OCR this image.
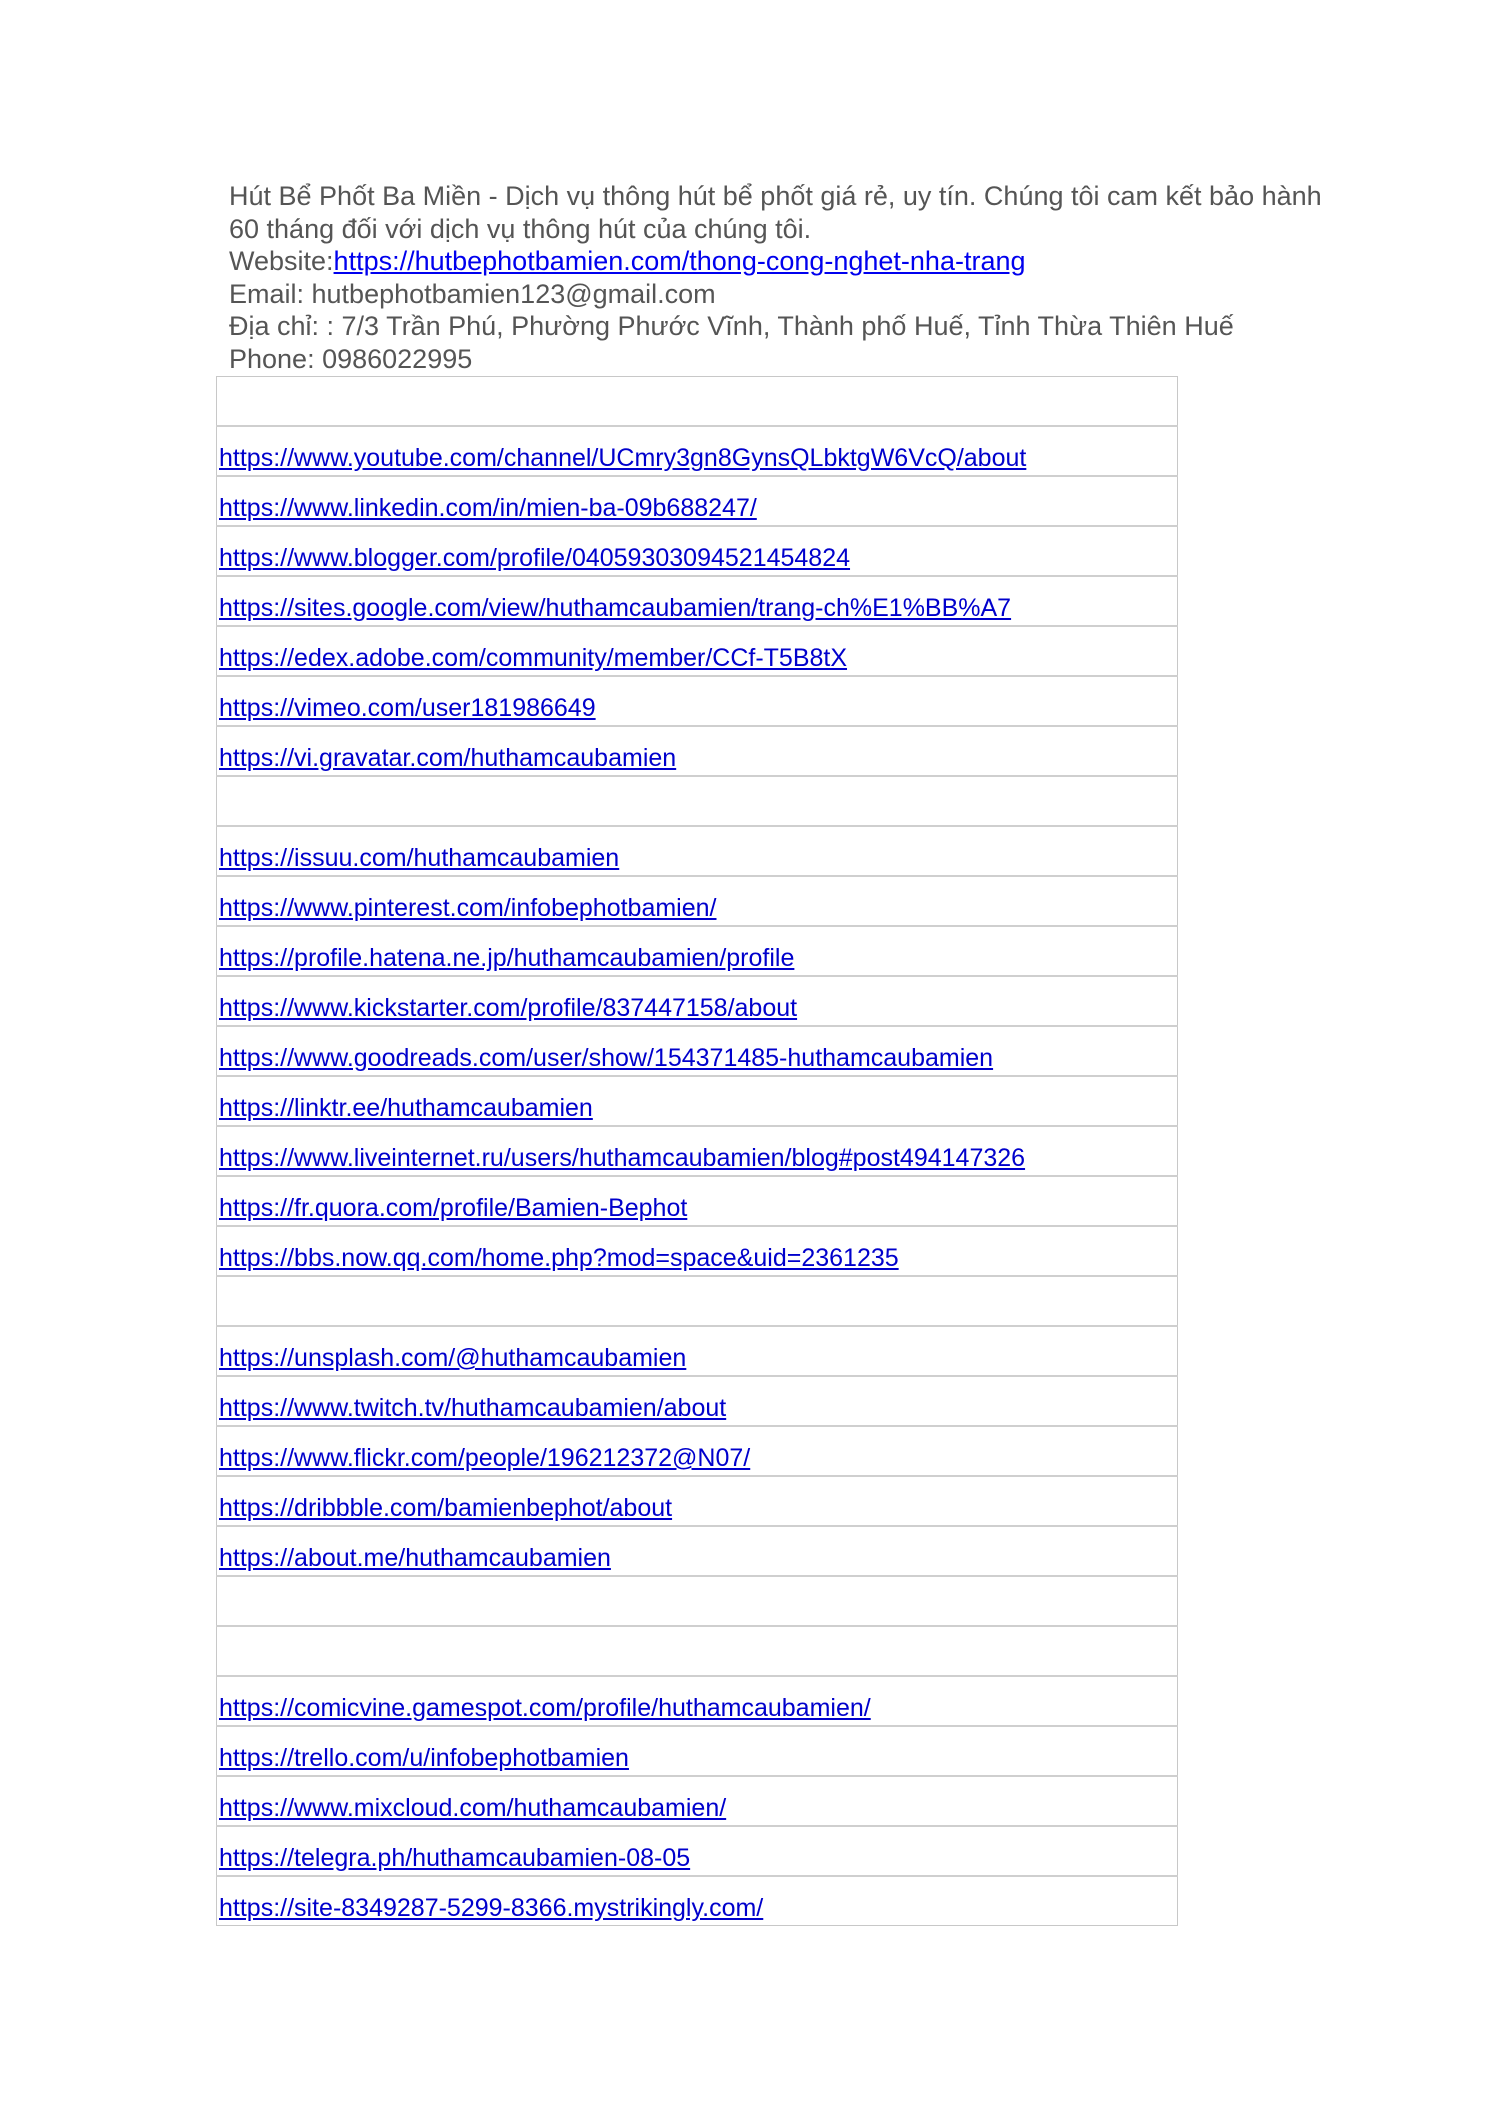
Hút Bể Phốt Ba Miền - Dịch vụ thông hút bể phốt giá rẻ, uy tín. Chúng tôi cam kết bảo hành 60 tháng đối với dịch vụ thông hút của chúng tôi.
Website:https://hutbephotbamien.com/thong-cong-nghet-nha-trang
Email: hutbephotbamien123@gmail.com
Địa chỉ: : 7/3 Trần Phú, Phường Phước Vĩnh, Thành phố Huế, Tỉnh Thừa Thiên Huế
Phone: 0986022995

https://www.youtube.com/channel/UCmry3gn8GynsQLbktgW6VcQ/about
https://www.linkedin.com/in/mien-ba-09b688247/
https://www.blogger.com/profile/04059303094521454824
https://sites.google.com/view/huthamcaubamien/trang-ch%E1%BB%A7
https://edex.adobe.com/community/member/CCf-T5B8tX
https://vimeo.com/user181986649
https://vi.gravatar.com/huthamcaubamien

https://issuu.com/huthamcaubamien
https://www.pinterest.com/infobephotbamien/
https://profile.hatena.ne.jp/huthamcaubamien/profile
https://www.kickstarter.com/profile/837447158/about
https://www.goodreads.com/user/show/154371485-huthamcaubamien
https://linktr.ee/huthamcaubamien
https://www.liveinternet.ru/users/huthamcaubamien/blog#post494147326
https://fr.quora.com/profile/Bamien-Bephot
https://bbs.now.qq.com/home.php?mod=space&uid=2361235

https://unsplash.com/@huthamcaubamien
https://www.twitch.tv/huthamcaubamien/about
https://www.flickr.com/people/196212372@N07/
https://dribbble.com/bamienbephot/about
https://about.me/huthamcaubamien

https://comicvine.gamespot.com/profile/huthamcaubamien/
https://trello.com/u/infobephotbamien
https://www.mixcloud.com/huthamcaubamien/
https://telegra.ph/huthamcaubamien-08-05
https://site-8349287-5299-8366.mystrikingly.com/
